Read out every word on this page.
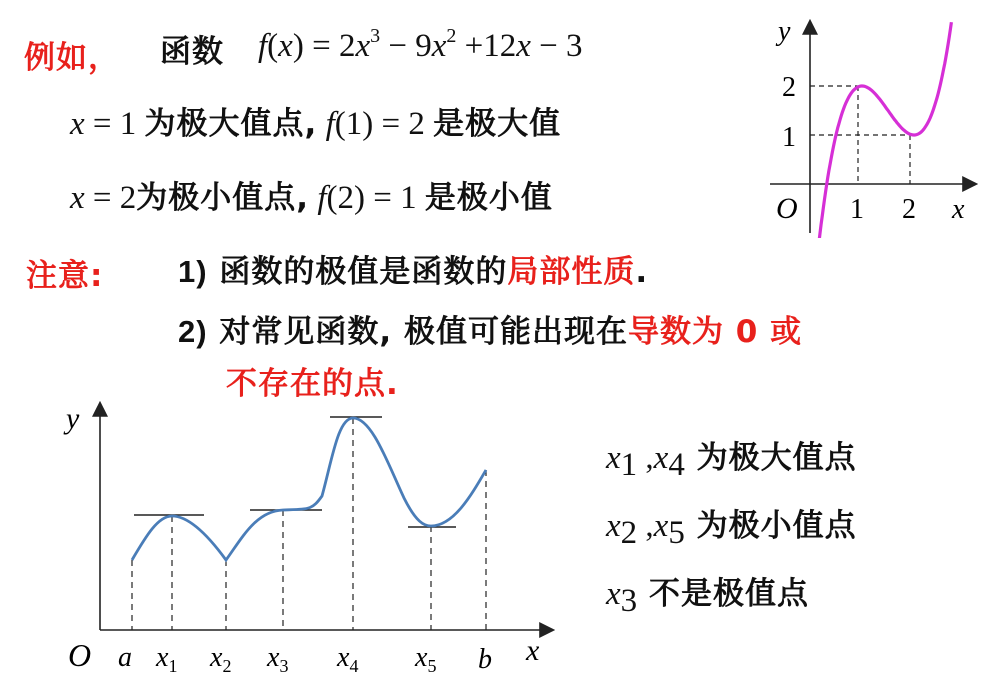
例如， 函数 $f(x) = 2x^3 - 9x^2 +12x - 3$
x = 1 为极大值点, f(1) = 2 是极大值
x = 2为极小值点, f(2) = 1 是极小值
y
O 1 2 x
2
1
注意: 1) 函数的极值是函数的局部性质.
2) 对常见函数, 极值可能出现在导数为 0 或
不存在的点.
y
O	x
a $x_1$ $x_2$ $x_3$ $x_4$ $x_5$ b
$x_1$ $,x_4$ 为极大值点
$x_2$ $,x_5$ 为极小值点
$x_3$ 不是极值点
